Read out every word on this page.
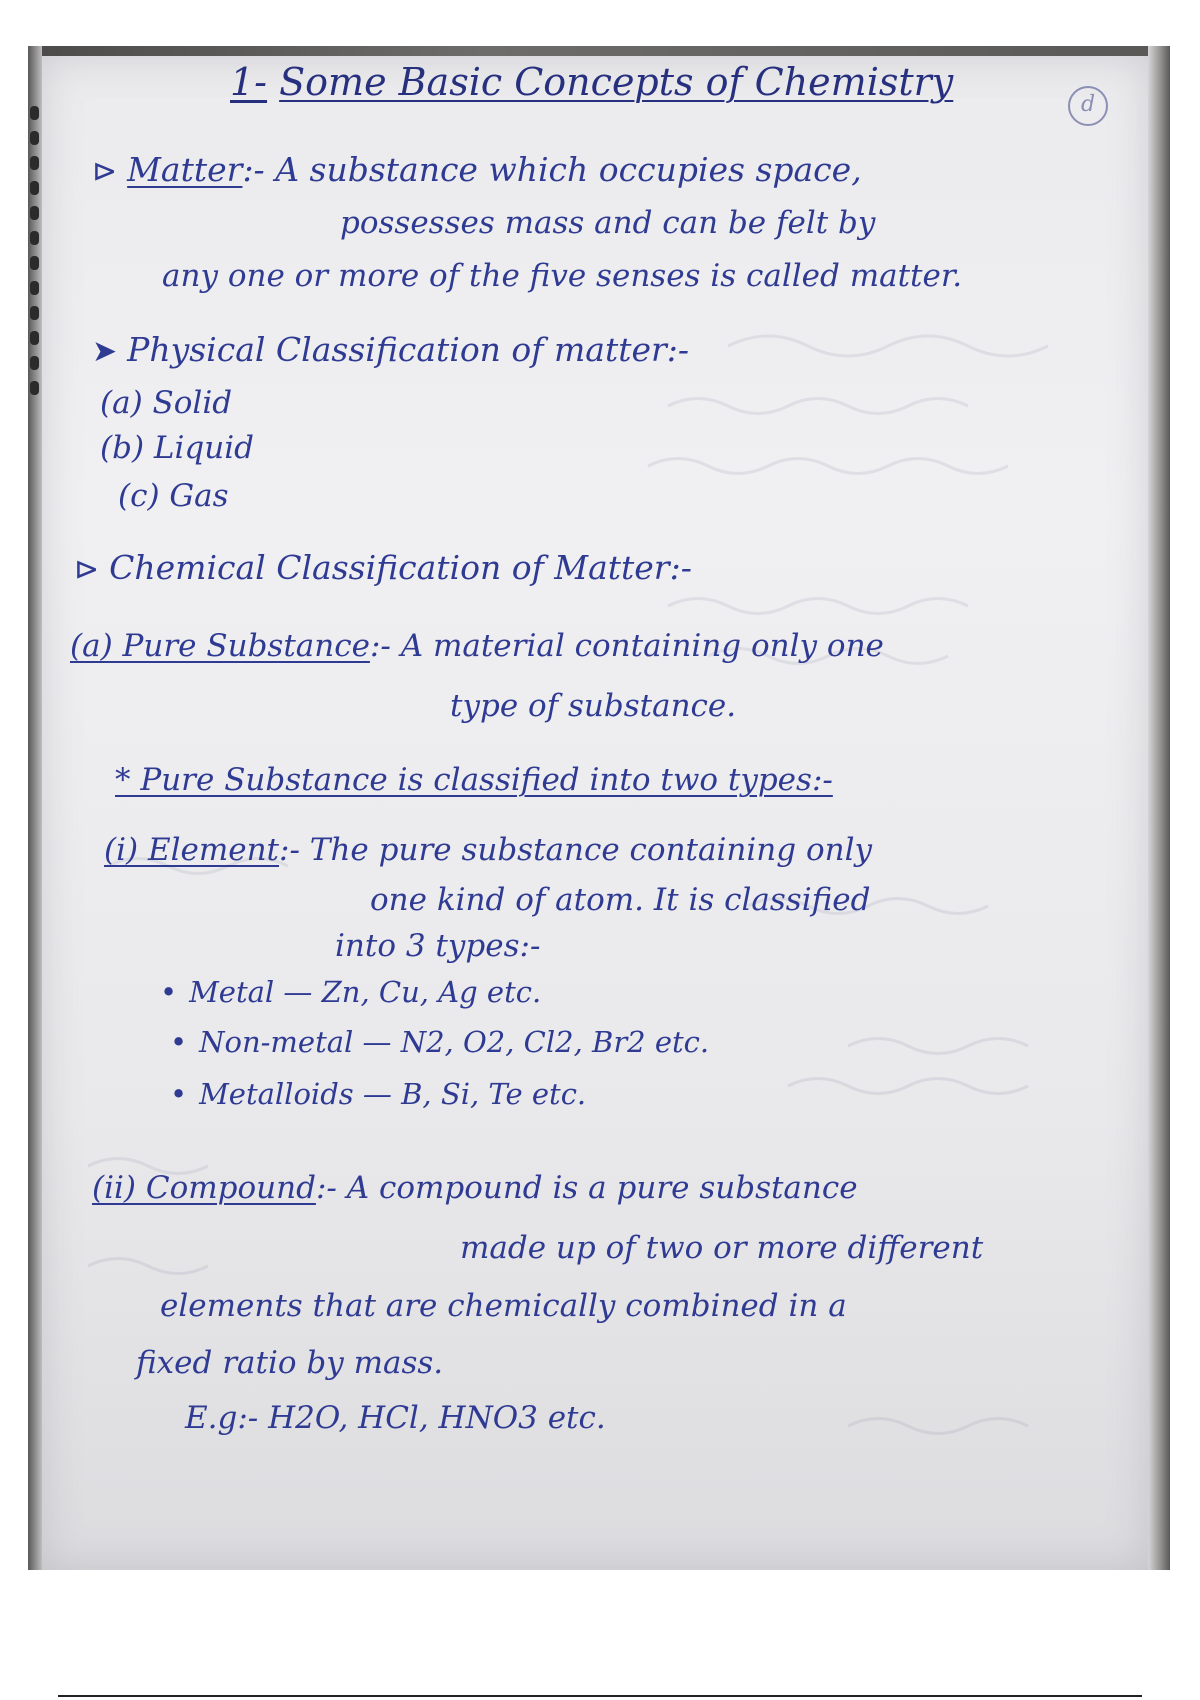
d
1- Some Basic Concepts of Chemistry
⊳ Matter:- A substance which occupies space,
possesses mass and can be felt by
any one or more of the five senses is called matter.
➤ Physical Classification of matter:-
(a) Solid
(b) Liquid
(c) Gas
⊳ Chemical Classification of Matter:-
(a) Pure Substance:- A material containing only one
type of substance.
* Pure Substance is classified into two types:-
(i) Element:- The pure substance containing only
one kind of atom. It is classified
into 3 types:-
• Metal — Zn, Cu, Ag etc.
• Non-metal — N2, O2, Cl2, Br2 etc.
• Metalloids — B, Si, Te etc.
(ii) Compound:- A compound is a pure substance
made up of two or more different
elements that are chemically combined in a
fixed ratio by mass.
E.g:- H2O, HCl, HNO3 etc.
